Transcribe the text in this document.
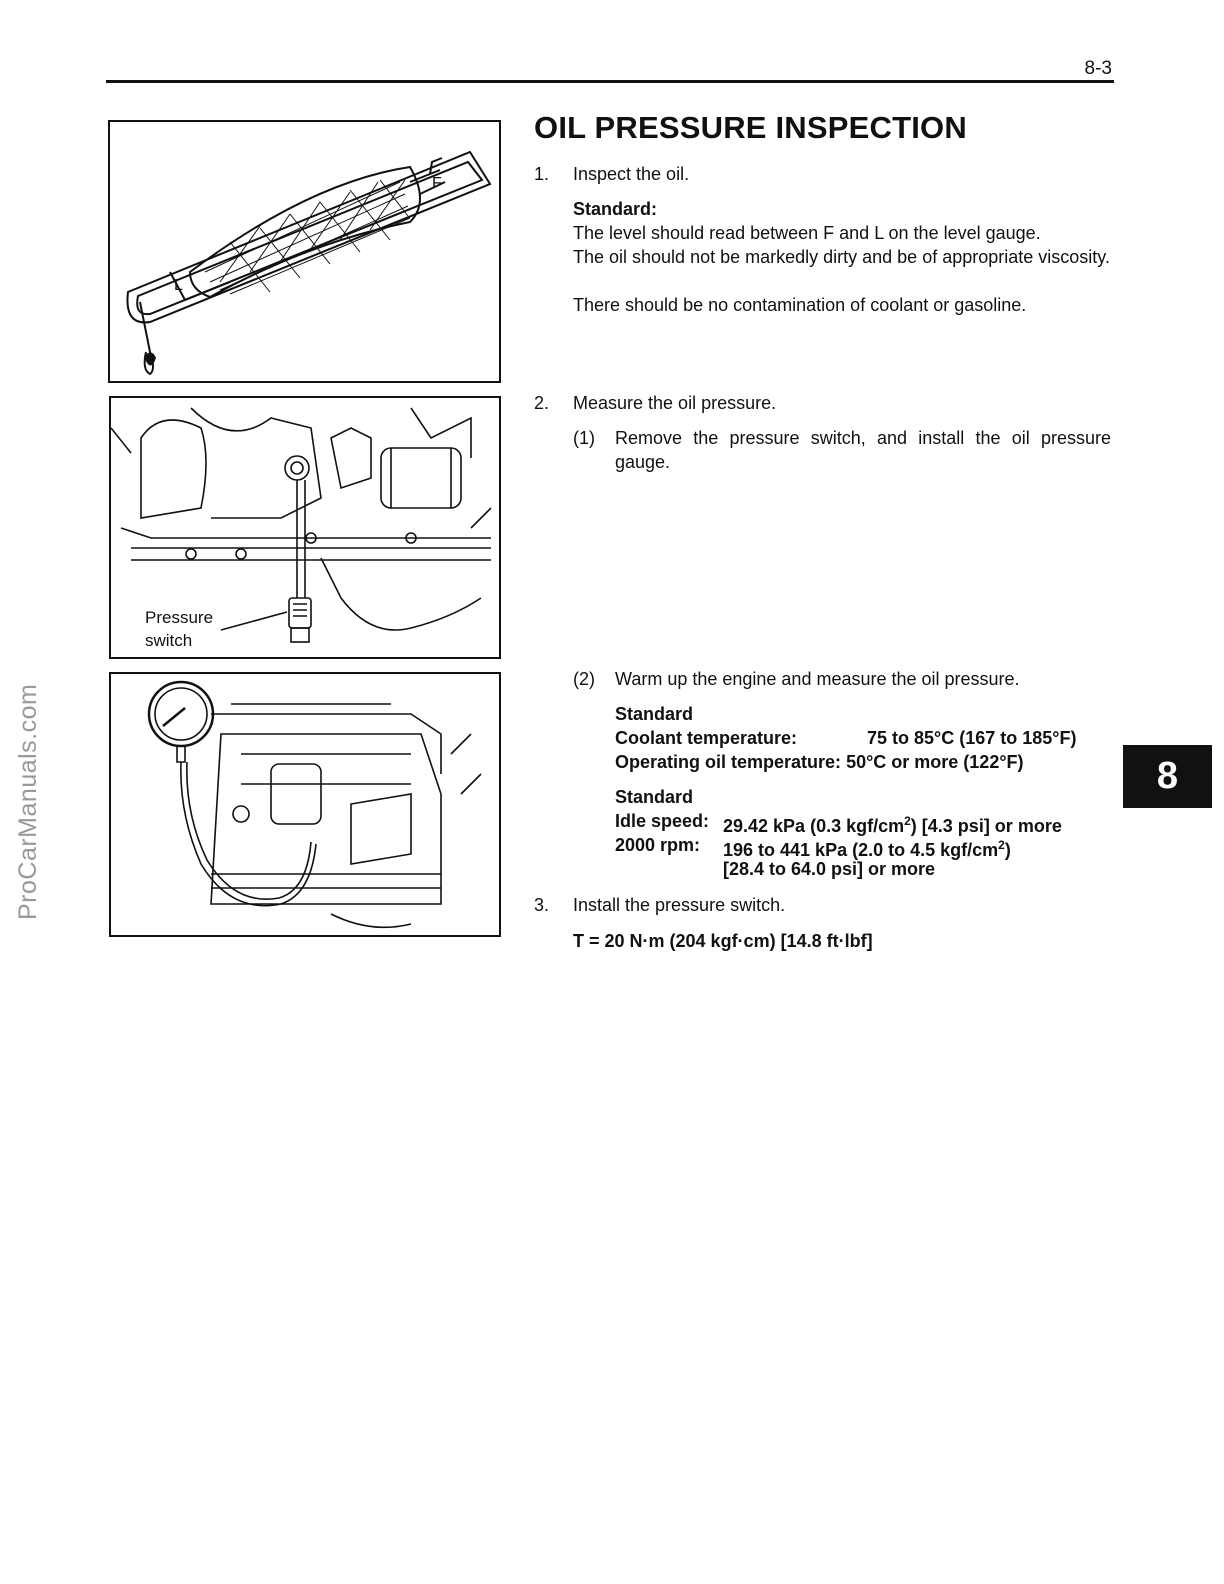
8-3
ProCarManuals.com
L
F
Pressure
switch
OIL PRESSURE INSPECTION
1. Inspect the oil.
Standard:
The level should read between F and L on the level gauge.
The oil should not be markedly dirty and be of appropriate viscosity.
There should be no contamination of coolant or gasoline.
2. Measure the oil pressure.
(1) Remove the pressure switch, and install the oil pressure gauge.
(2) Warm up the engine and measure the oil pressure.
Standard
Coolant temperature:	75 to 85°C (167 to 185°F)
Operating oil temperature: 50°C or more (122°F)
Standard
Idle speed: 29.42 kPa (0.3 kgf/$cm^2$) [4.3 psi] or more
2000 rpm: 196 to 441 kPa (2.0 to 4.5 kgf/$cm^2$)
[28.4 to 64.0 psi] or more
3. Install the pressure switch.
T = 20 N·m (204 kgf·cm) [14.8 ft·lbf]
8
